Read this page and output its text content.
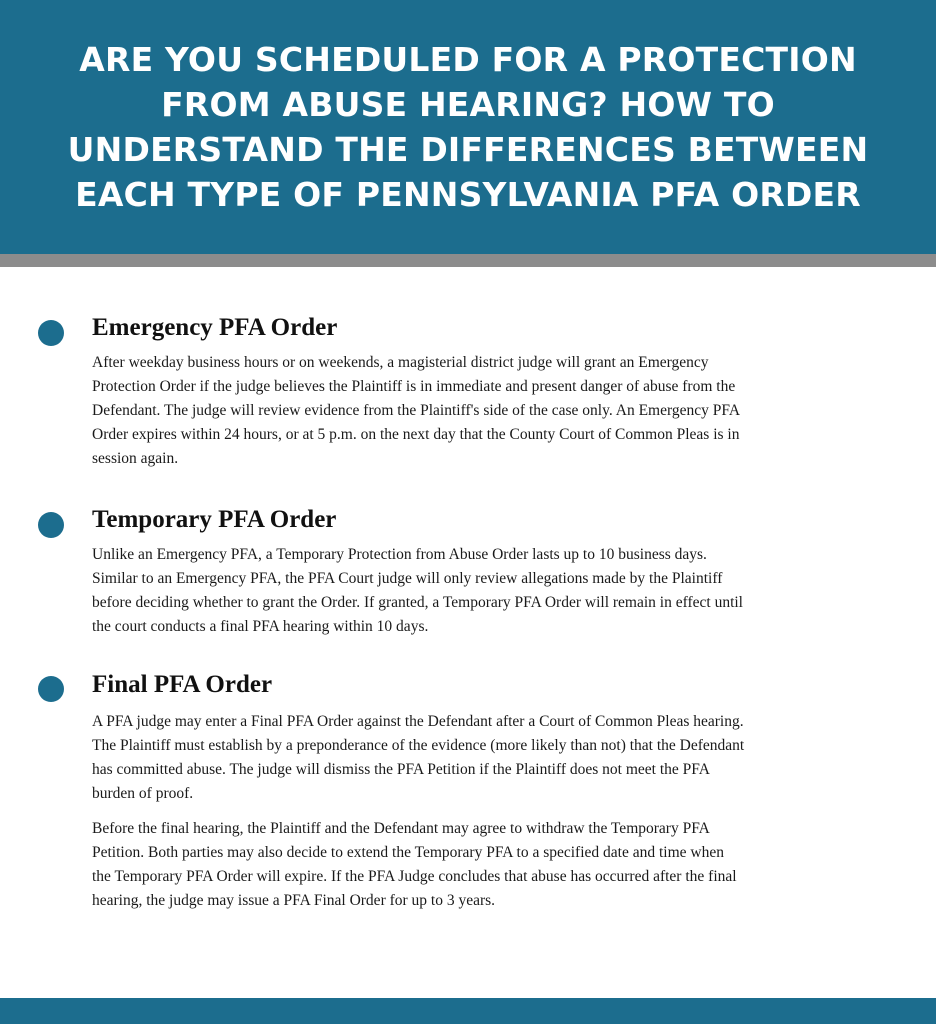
ARE YOU SCHEDULED FOR A PROTECTION
FROM ABUSE HEARING? HOW TO
UNDERSTAND THE DIFFERENCES BETWEEN
EACH TYPE OF PENNSYLVANIA PFA ORDER
Emergency PFA Order

After weekday business hours or on weekends, a magisterial district judge will grant an Emergency
Protection Order if the judge believes the Plaintiff is in immediate and present danger of abuse from the
Defendant. The judge will review evidence from the Plaintiff's side of the case only. An Emergency PFA
Order expires within 24 hours, or at 5 p.m. on the next day that the County Court of Common Pleas is in
session again.

Temporary PFA Order

Unlike an Emergency PFA, a Temporary Protection from Abuse Order lasts up to 10 business days.
Similar to an Emergency PFA, the PFA Court judge will only review allegations made by the Plaintiff
before deciding whether to grant the Order. If granted, a Temporary PFA Order will remain in effect until
the court conducts a final PFA hearing within 10 days.

Final PFA Order

A PFA judge may enter a Final PFA Order against the Defendant after a Court of Common Pleas hearing.
The Plaintiff must establish by a preponderance of the evidence (more likely than not) that the Defendant
has committed abuse. The judge will dismiss the PFA Petition if the Plaintiff does not meet the PFA
burden of proof.

Before the final hearing, the Plaintiff and the Defendant may agree to withdraw the Temporary PFA
Petition. Both parties may also decide to extend the Temporary PFA to a specified date and time when
the Temporary PFA Order will expire. If the PFA Judge concludes that abuse has occurred after the final
hearing, the judge may issue a PFA Final Order for up to 3 years.
